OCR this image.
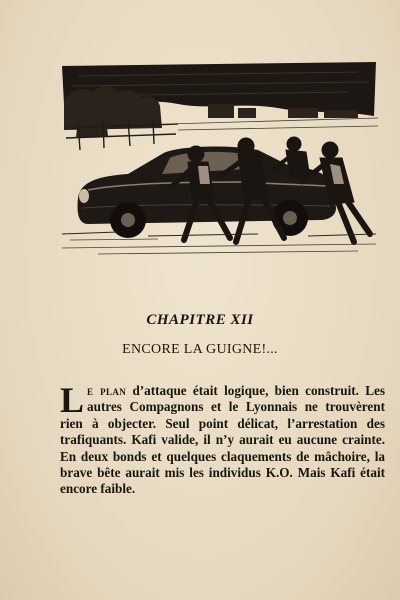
CHAPITRE XII
ENCORE LA GUIGNE!...
Le plan d’attaque était logique, bien construit. Les autres Compagnons et le Lyonnais ne trouvèrent rien à objecter. Seul point délicat, l’arrestation des trafiquants. Kafi valide, il n’y aurait eu aucune crainte. En deux bonds et quelques claquements de mâchoire, la brave bête aurait mis les individus K.O. Mais Kafi était encore faible.
